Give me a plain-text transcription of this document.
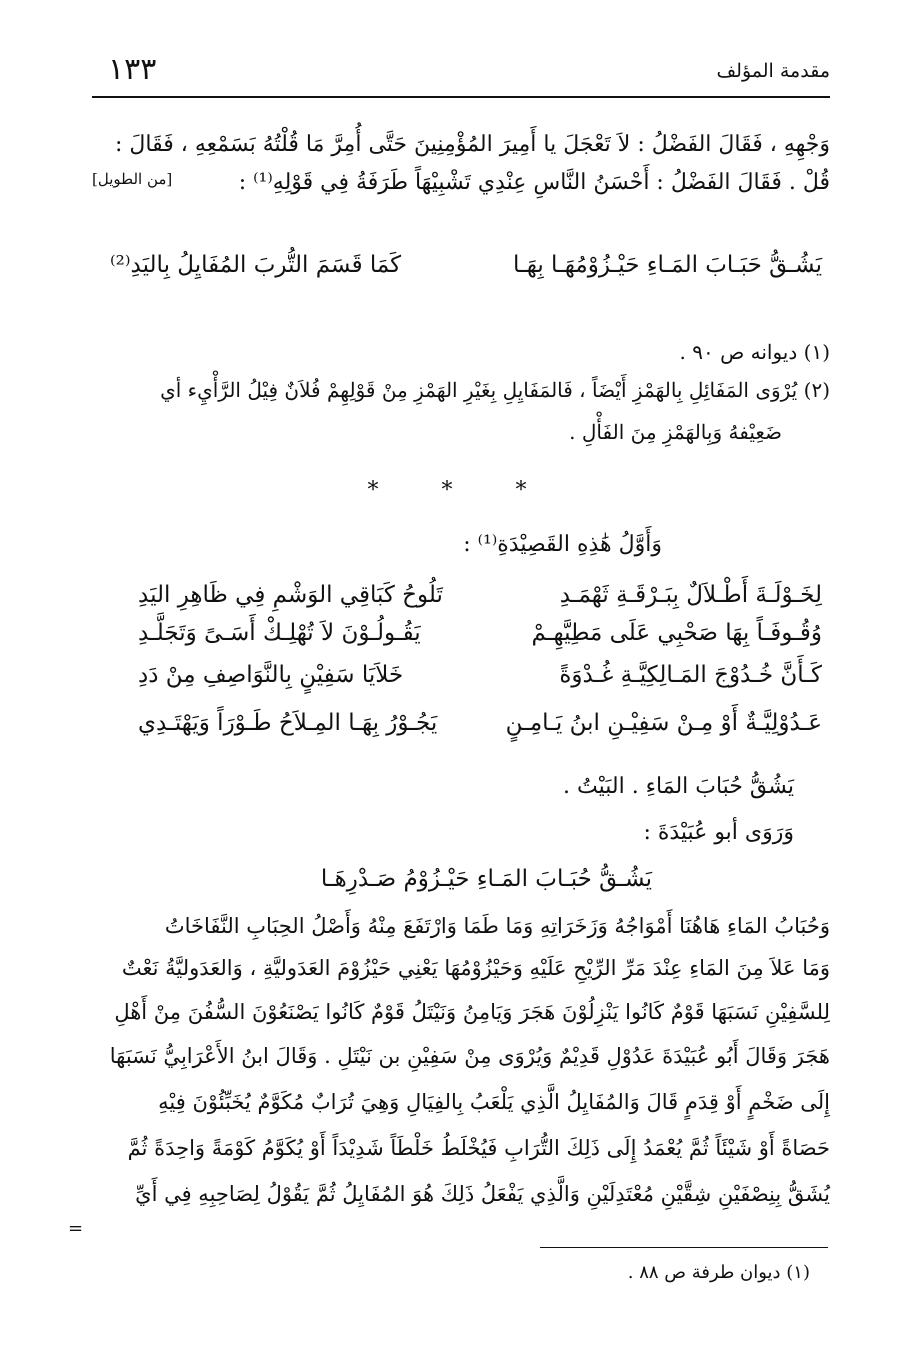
١٣٣	مقدمة المؤلف
وَجْهِهِ ، فَقَالَ الفَضْلُ : لاَ تَعْجَلَ يا أَمِيرَ المُؤْمِنِينَ حَتَّى أُمِرَّ مَا قُلْتُهُ بَسَمْعِهِ ، فَقَالَ :
قُلْ . فَقَالَ الفَضْلُ : أَحْسَنُ النَّاسِ عِنْدِي تَشْبِيْهَاً طَرَفَةُ فِي قَوْلِهِ⁽¹⁾ :
[من الطويل]
يَشُـقُّ حَبَـابَ المَـاءِ حَيْـزُوْمُهَـا بِهَـا
كَمَا قَسَمَ التُّربَ المُفَايِلُ بِاليَدِ⁽²⁾
(١) ديوانه ص ٩٠ .
(٢) يُرْوَى المَفَائِلِ بِالهَمْزِ أَيْضَاً ، فَالمَفَايِلِ بِغَيْرِ الهَمْزِ مِنْ قَوْلِهِمْ فُلاَنٌ فِيْلُ الرَّأْيِء أي
ضَعِيْفهُ وَبِالهَمْزِ مِنَ الفَأْلِ .
* * *
وَأَوَّلُ هَٰذِهِ القَصِيْدَةِ⁽¹⁾ :
لِخَـوْلَـةَ أَطْـلاَلٌ بِبَـرْقَـةِ ثَهْمَـدِ
تَلُوحُ كَبَاقِي الوَشْمِ فِي ظَاهِرِ اليَدِ
وُقُـوفَـاً بِهَا صَحْبِي عَلَى مَطِيَّهِـمْ
يَقُـولُـوْنَ لاَ تُهْلِـكْ أَسَـىً وَتَجَلَّـدِ
كَـأَنَّ خُـدُوْجَ المَـالِكِيَّـةِ غُـدْوَةً
خَلاَيَا سَفِيْنٍ بِالنَّوَاصِفِ مِنْ دَدِ
عَـدُوْلِيَّـةٌ أَوْ مِـنْ سَفِيْـنِ ابنُ يَـامِـنٍ
يَجُـوْرُ بِهَـا المِـلاَحُ طَـوْرَاً وَيَهْتَـدِي
يَشُقُّ حُبَابَ المَاءِ . البَيْتُ .
وَرَوَى أبو عُبَيْدَةَ :
يَشُـقُّ حُبَـابَ المَـاءِ حَيْـزُوْمُ صَـدْرِهَـا
وَحُبَابُ المَاءِ هَاهُنَا أَمْوَاجُهُ وَزَخَرَاتِهِ وَمَا طَمَا وَارْتَفَعَ مِنْهُ وَأَصْلُ الحِبَابِ النَّفَاخَاتُ
وَمَا عَلاَ مِنَ المَاءِ عِنْدَ مَرِّ الرِّيْحِ عَلَيْهِ وَحَيْزُوْمُهَا يَعْنِي حَيْزُوْمَ العَدَوليَّةِ ، وَالعَدَوليَّةُ نَعْتٌ
لِلسَّفِيْنِ نَسَبَهَا قَوْمٌ كَانُوا يَنْزِلُوْنَ هَجَرَ وَيَامِنُ وَنَيْتَلُ قَوْمٌ كَانُوا يَصْنَعُوْنَ السُّفُنَ مِنْ أَهْلِ
هَجَرَ وَقَالَ أَبُو عُبَيْدَةَ عَدُوْلِ قَدِيْمٌ وَيُرْوَى مِنْ سَفِيْنِ بن نَيْتَلِ . وَقَالَ ابنُ الأَعْرَابِيُّ نَسَبَهَا
إِلَى ضَخْمٍ أَوْ قِدَمٍ قَالَ وَالمُفَايِلُ الَّذِي يَلْعَبُ بِالفِيَالِ وَهِيَ تُرَابٌ مُكَوَّمٌ يُخَبِّئُوْنَ فِيْهِ
حَصَاةً أَوْ شَيْئَاً ثُمَّ يُعْمَدُ إِلَى ذَلِكَ التُّرَابِ فَيُخْلَطُ خَلْطَاً شَدِيْدَاً أَوْ يُكَوَّمُ كَوْمَةً وَاحِدَةً ثُمَّ
يُشَقُّ بِنِصْفَيْنِ شِقَّيْنِ مُعْتَدِلَيْنِ وَالَّذِي يَفْعَلُ ذَلِكَ هُوَ المُفَايِلُ ثُمَّ يَقُوْلُ لِصَاحِبِهِ فِي أَيِّ
=
(١) ديوان طرفة ص ٨٨ .
